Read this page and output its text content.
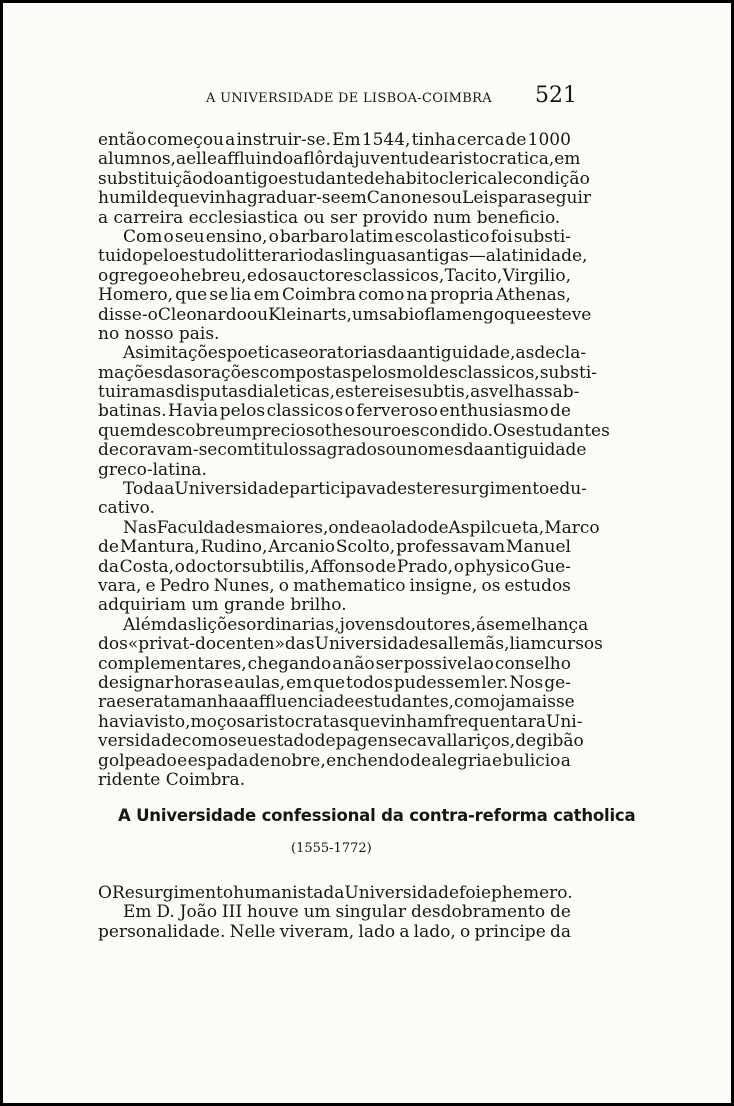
A UNIVERSIDADE DE LISBOA-COIMBRA 521
então começou a instruir-se. Em 1544, tinha cerca de 1000
alumnos, a elle affluindo a flôr da juventude aristocratica, em
substituição do antigo estudante de habito clerical e condição
humilde que vinha graduar-se em Canones ou Leis para seguir
a carreira ecclesiastica ou ser provido num beneficio.
Com o seu ensino, o barbaro latim escolastico foi substi-
tuido pelo estudo litterario das linguas antigas — a latinidade,
o grego e o hebreu, e dos auctores classicos, Tacito, Virgilio,
Homero, que se lia em Coimbra como na propria Athenas,
disse-o Cleonardo ou Kleinarts, um sabio flamengo que esteve
no nosso pais.
As imitações poeticas e oratorias da antiguidade, as decla-
mações das orações compostas pelos moldes classicos, substi-
tuiram as disputas dialeticas, estereis e subtis, as velhas sab-
batinas. Havia pelos classicos o ferveroso enthusiasmo de
quem descobre um precioso thesouro escondido. Os estudantes
decoravam-se com titulos sagrados ou nomes da antiguidade
greco-latina.
Toda a Universidade participava deste resurgimento edu-
cativo.
Nas Faculdades maiores, onde ao lado de Aspilcueta, Marco
de Mantura, Rudino, Arcanio Scolto, professavam Manuel
da Costa, o doctor subtilis, Affonso de Prado, o physico Gue-
vara, e Pedro Nunes, o mathematico insigne, os estudos
adquiriam um grande brilho.
Além das lições ordinarias, jovens doutores, á semelhança
dos «privat-docenten» das Universidades allemãs, liam cursos
complementares, chegando a não ser possivel ao conselho
designar horas e aulas, em que todos pudessem ler. Nos ge-
raes era tamanha a affluencia de estudantes, como jamais se
havia visto, moços aristocratas que vinham frequentar a Uni-
versidade com o seu estado de pagens e cavallariços, de gibão
golpeado e espada de nobre, enchendo de alegria e bulicio a
ridente Coimbra.
A Universidade confessional da contra-reforma catholica
(1555-1772)
O Resurgimento humanista da Universidade foi ephemero.
Em D. João III houve um singular desdobramento de
personalidade. Nelle viveram, lado a lado, o principe da
